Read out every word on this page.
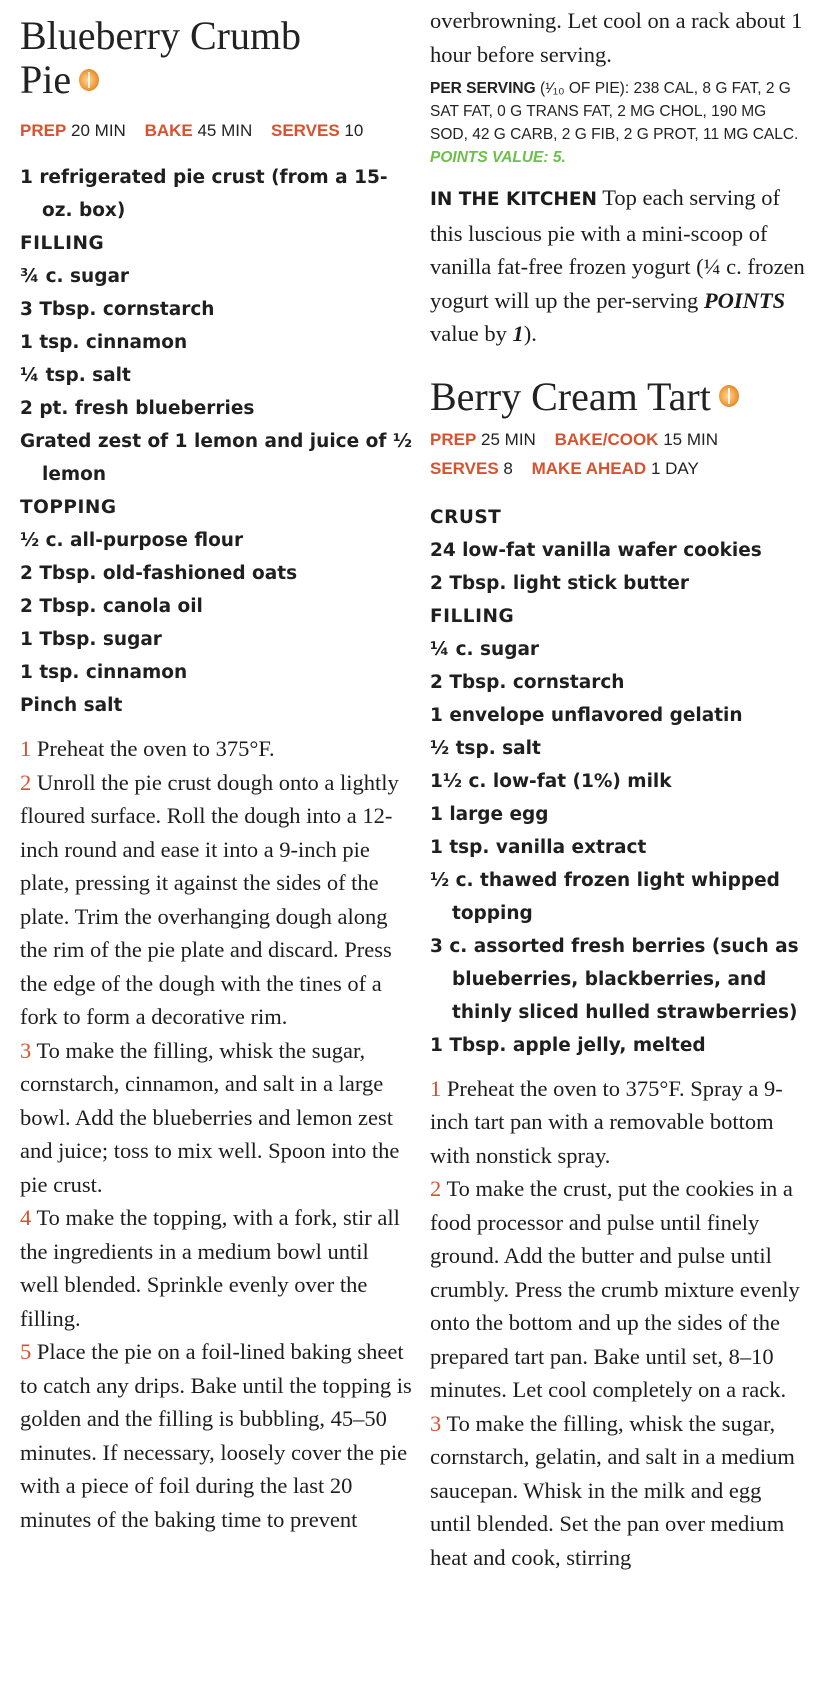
Blueberry Crumb
Pie
PREP 20 MIN BAKE 45 MIN SERVES 10
1 refrigerated pie crust (from a 15-oz. box)
FILLING
¾ c. sugar
3 Tbsp. cornstarch
1 tsp. cinnamon
¼ tsp. salt
2 pt. fresh blueberries
Grated zest of 1 lemon and juice of ½ lemon
TOPPING
½ c. all-purpose flour
2 Tbsp. old-fashioned oats
2 Tbsp. canola oil
1 Tbsp. sugar
1 tsp. cinnamon
Pinch salt

1 Preheat the oven to 375°F.

2 Unroll the pie crust dough onto a lightly floured surface. Roll the dough into a 12-inch round and ease it into a 9-inch pie plate, pressing it against the sides of the plate. Trim the overhanging dough along the rim of the pie plate and discard. Press the edge of the dough with the tines of a fork to form a decorative rim.

3 To make the filling, whisk the sugar, cornstarch, cinnamon, and salt in a large bowl. Add the blueberries and lemon zest and juice; toss to mix well. Spoon into the pie crust.

4 To make the topping, with a fork, stir all the ingredients in a medium bowl until well blended. Sprinkle evenly over the filling.

5 Place the pie on a foil-lined baking sheet to catch any drips. Bake until the topping is golden and the filling is bubbling, 45–50 minutes. If necessary, loosely cover the pie with a piece of foil during the last 20 minutes of the baking time to prevent

overbrowning. Let cool on a rack about 1 hour before serving.

PER SERVING (¹⁄₁₀ OF PIE): 238 CAL, 8 G FAT, 2 G SAT FAT, 0 G TRANS FAT, 2 MG CHOL, 190 MG SOD, 42 G CARB, 2 G FIB, 2 G PROT, 11 MG CALC. POINTS VALUE: 5.

IN THE KITCHEN Top each serving of this luscious pie with a mini-scoop of vanilla fat-free frozen yogurt (¼ c. frozen yogurt will up the per-serving POINTS value by 1).

Berry Cream Tart
PREP 25 MIN BAKE/COOK 15 MIN
SERVES 8 MAKE AHEAD 1 DAY
CRUST
24 low-fat vanilla wafer cookies
2 Tbsp. light stick butter
FILLING
¼ c. sugar
2 Tbsp. cornstarch
1 envelope unflavored gelatin
½ tsp. salt
1½ c. low-fat (1%) milk
1 large egg
1 tsp. vanilla extract
½ c. thawed frozen light whipped topping
3 c. assorted fresh berries (such as blueberries, blackberries, and thinly sliced hulled strawberries)
1 Tbsp. apple jelly, melted

1 Preheat the oven to 375°F. Spray a 9-inch tart pan with a removable bottom with nonstick spray.

2 To make the crust, put the cookies in a food processor and pulse until finely ground. Add the butter and pulse until crumbly. Press the crumb mixture evenly onto the bottom and up the sides of the prepared tart pan. Bake until set, 8–10 minutes. Let cool completely on a rack.

3 To make the filling, whisk the sugar, cornstarch, gelatin, and salt in a medium saucepan. Whisk in the milk and egg until blended. Set the pan over medium heat and cook, stirring
